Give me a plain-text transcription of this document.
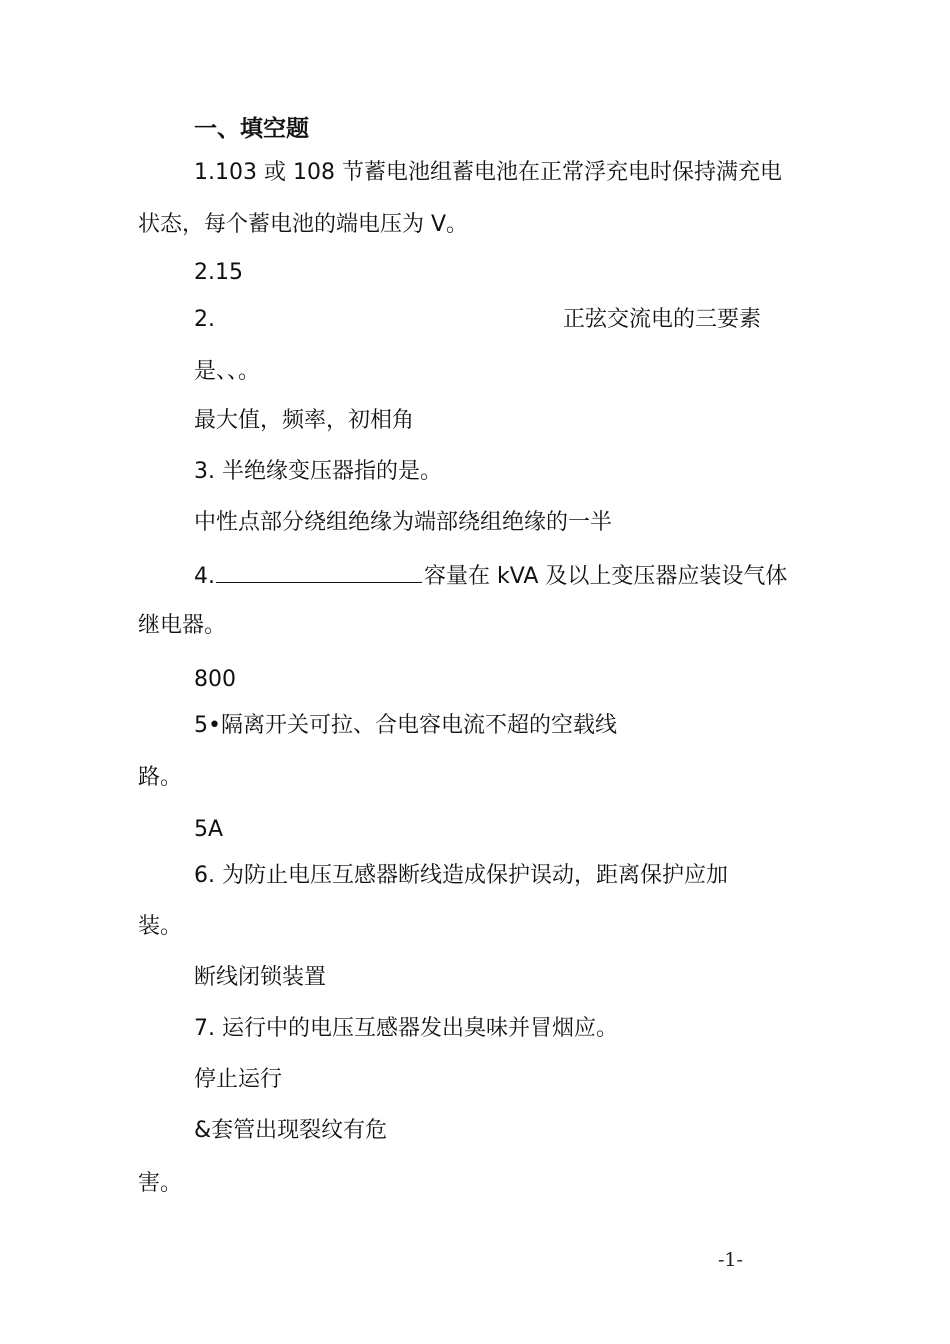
一、填空题
1.103 或 108 节蓄电池组蓄电池在正常浮充电时保持满充电
状态，每个蓄电池的端电压为 V。
2.15
2.	正弦交流电的三要素
是、、。
最大值，频率，初相角
3. 半绝缘变压器指的是。
中性点部分绕组绝缘为端部绕组绝缘的一半
4.	容量在 kVA 及以上变压器应装设气体
继电器。
800
5•隔离开关可拉、合电容电流不超的空载线
路。
5A
6. 为防止电压互感器断线造成保护误动，距离保护应加
装。
断线闭锁装置
7. 运行中的电压互感器发出臭味并冒烟应。
停止运行
&套管出现裂纹有危
害。
-1-
